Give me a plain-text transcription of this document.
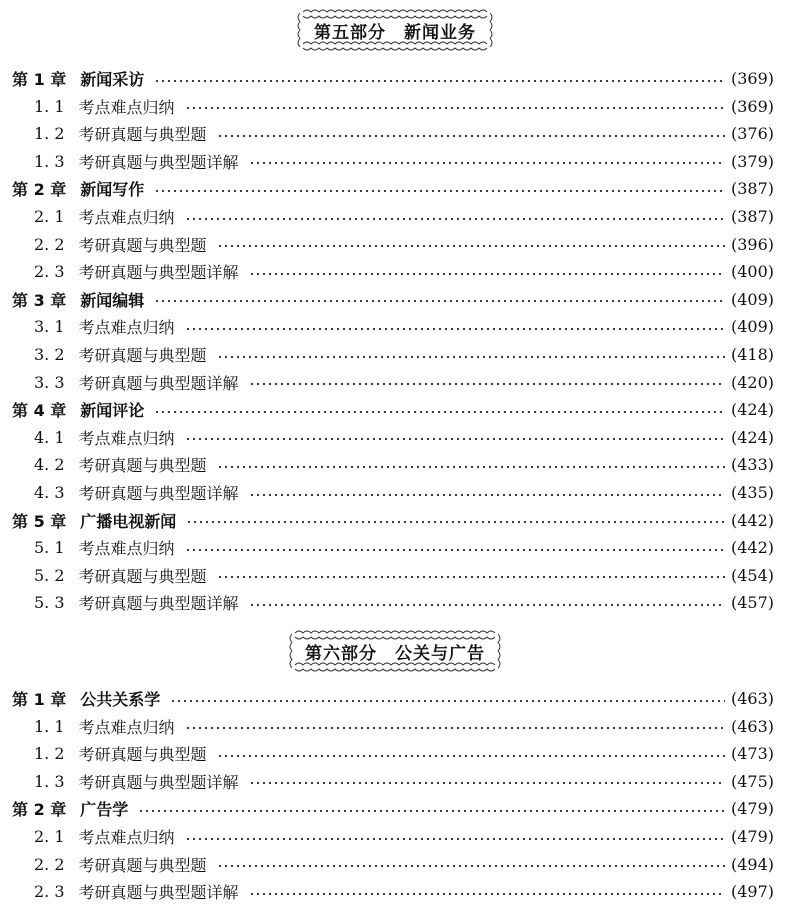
第五部分　新闻业务
第 1 章 新闻采访	(369)
1. 1 考点难点归纳	(369)
1. 2 考研真题与典型题	(376)
1. 3 考研真题与典型题详解	(379)
第 2 章 新闻写作	(387)
2. 1 考点难点归纳	(387)
2. 2 考研真题与典型题	(396)
2. 3 考研真题与典型题详解	(400)
第 3 章 新闻编辑	(409)
3. 1 考点难点归纳	(409)
3. 2 考研真题与典型题	(418)
3. 3 考研真题与典型题详解	(420)
第 4 章 新闻评论	(424)
4. 1 考点难点归纳	(424)
4. 2 考研真题与典型题	(433)
4. 3 考研真题与典型题详解	(435)
第 5 章 广播电视新闻	(442)
5. 1 考点难点归纳	(442)
5. 2 考研真题与典型题	(454)
5. 3 考研真题与典型题详解	(457)
第六部分　公关与广告
第 1 章 公共关系学	(463)
1. 1 考点难点归纳	(463)
1. 2 考研真题与典型题	(473)
1. 3 考研真题与典型题详解	(475)
第 2 章 广告学	(479)
2. 1 考点难点归纳	(479)
2. 2 考研真题与典型题	(494)
2. 3 考研真题与典型题详解	(497)
